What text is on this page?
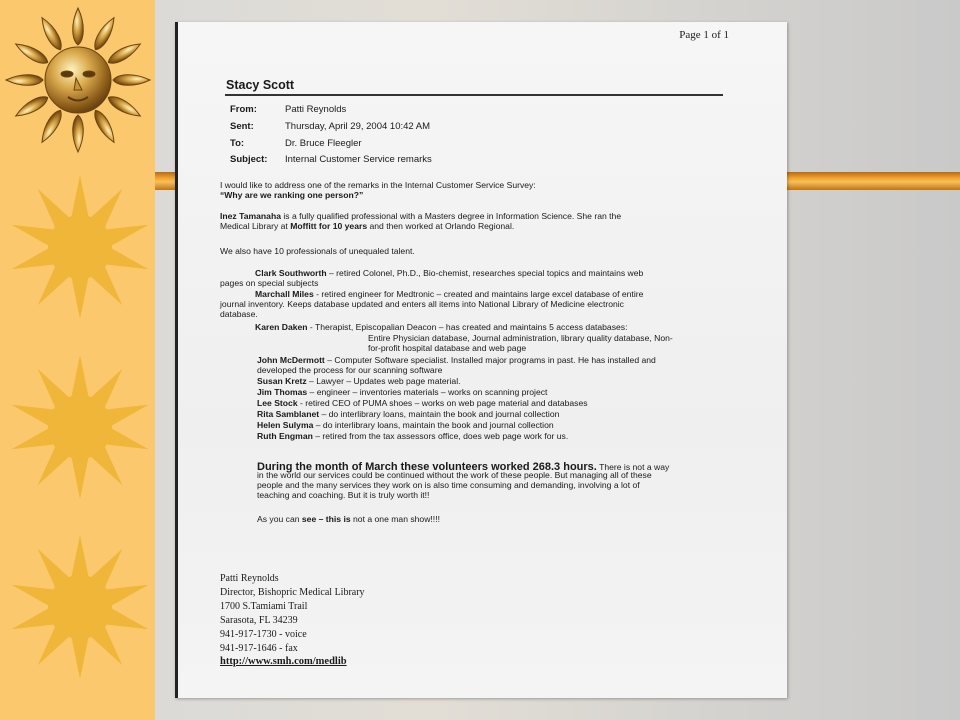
Page 1 of 1
Stacy Scott
From:	Patti Reynolds
Sent:	Thursday, April 29, 2004 10:42 AM
To:	Dr. Bruce Fleegler
Subject: Internal Customer Service remarks
I would like to address one of the remarks in the Internal Customer Service Survey:
“Why are we ranking one person?”
Inez Tamanaha is a fully qualified professional with a Masters degree in Information Science. She ran the
Medical Library at Moffitt for 10 years and then worked at Orlando Regional.
We also have 10 professionals of unequaled talent.
Clark Southworth – retired Colonel, Ph.D., Bio-chemist, researches special topics and maintains web
pages on special subjects
Marchall Miles - retired engineer for Medtronic – created and maintains large excel database of entire
journal inventory. Keeps database updated and enters all items into National Library of Medicine electronic
database.
Karen Daken - Therapist, Episcopalian Deacon – has created and maintains 5 access databases:
Entire Physician database, Journal administration, library quality database, Non-
for-profit hospital database and web page
John McDermott – Computer Software specialist. Installed major programs in past. He has installed and
developed the process for our scanning software
Susan Kretz – Lawyer – Updates web page material.
Jim Thomas – engineer – inventories materials – works on scanning project
Lee Stock - retired CEO of PUMA shoes – works on web page material and databases
Rita Samblanet – do interlibrary loans, maintain the book and journal collection
Helen Sulyma – do interlibrary loans, maintain the book and journal collection
Ruth Engman – retired from the tax assessors office, does web page work for us.
During the month of March these volunteers worked 268.3 hours. There is not a way
in the world our services could be continued without the work of these people. But managing all of these
people and the many services they work on is also time consuming and demanding, involving a lot of
teaching and coaching. But it is truly worth it!!
As you can see – this is not a one man show!!!!
Patti Reynolds
Director, Bishopric Medical Library
1700 S.Tamiami Trail
Sarasota, FL 34239
941-917-1730 - voice
941-917-1646 - fax
http://www.smh.com/medlib
